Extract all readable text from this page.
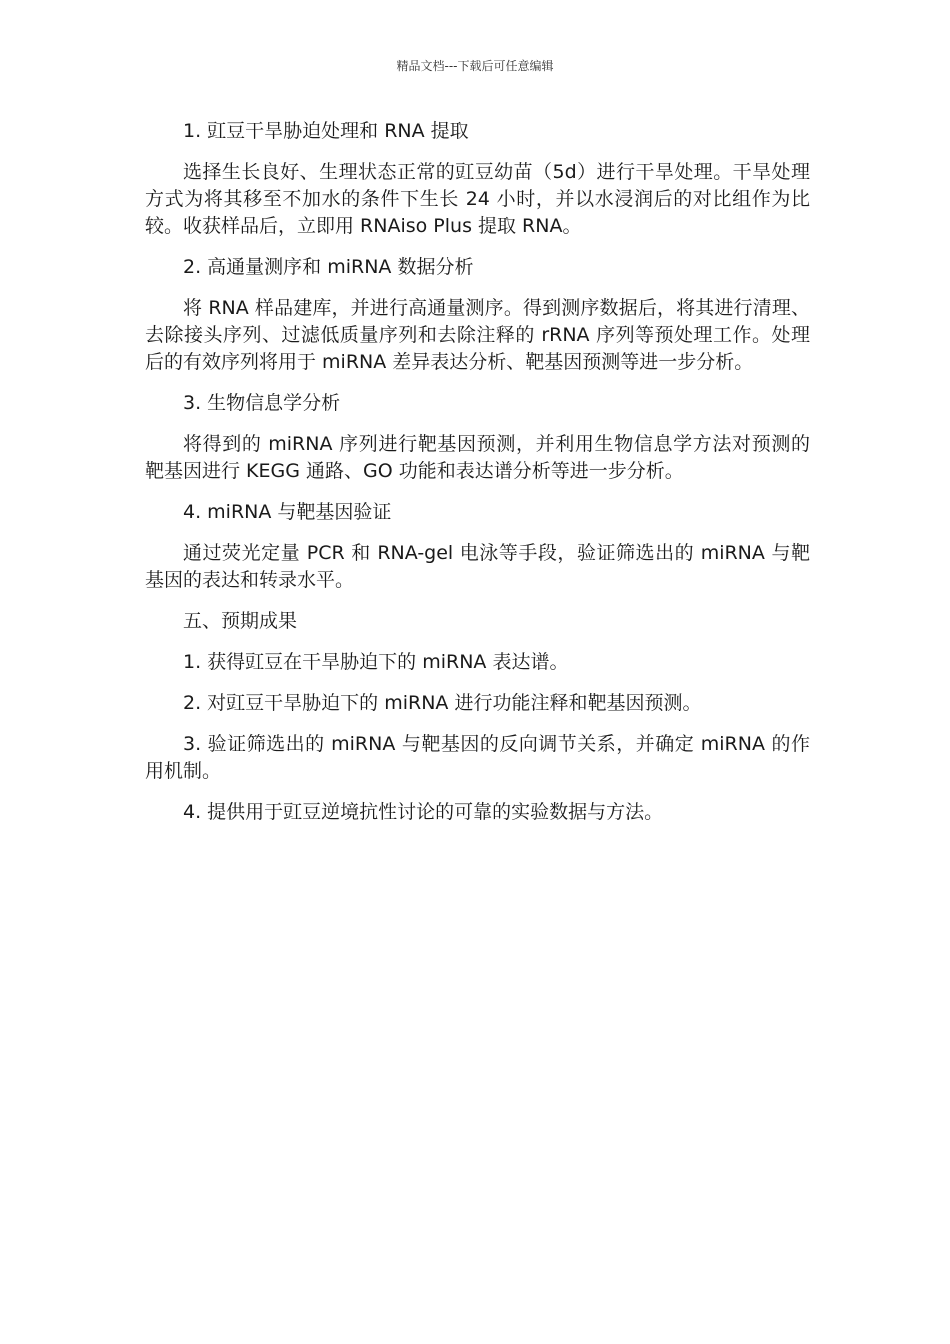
精品文档---下载后可任意编辑

1. 豇豆干旱胁迫处理和 RNA 提取

选择生长良好、生理状态正常的豇豆幼苗（5d）进行干旱处理。干旱处理方式为将其移至不加水的条件下生长 24 小时，并以水浸润后的对比组作为比较。收获样品后，立即用 RNAiso Plus 提取 RNA。

2. 高通量测序和 miRNA 数据分析

将 RNA 样品建库，并进行高通量测序。得到测序数据后，将其进行清理、去除接头序列、过滤低质量序列和去除注释的 rRNA 序列等预处理工作。处理后的有效序列将用于 miRNA 差异表达分析、靶基因预测等进一步分析。

3. 生物信息学分析

将得到的 miRNA 序列进行靶基因预测，并利用生物信息学方法对预测的靶基因进行 KEGG 通路、GO 功能和表达谱分析等进一步分析。

4. miRNA 与靶基因验证

通过荧光定量 PCR 和 RNA-gel 电泳等手段，验证筛选出的 miRNA 与靶基因的表达和转录水平。

五、预期成果

1. 获得豇豆在干旱胁迫下的 miRNA 表达谱。

2. 对豇豆干旱胁迫下的 miRNA 进行功能注释和靶基因预测。

3. 验证筛选出的 miRNA 与靶基因的反向调节关系，并确定 miRNA 的作用机制。

4. 提供用于豇豆逆境抗性讨论的可靠的实验数据与方法。
